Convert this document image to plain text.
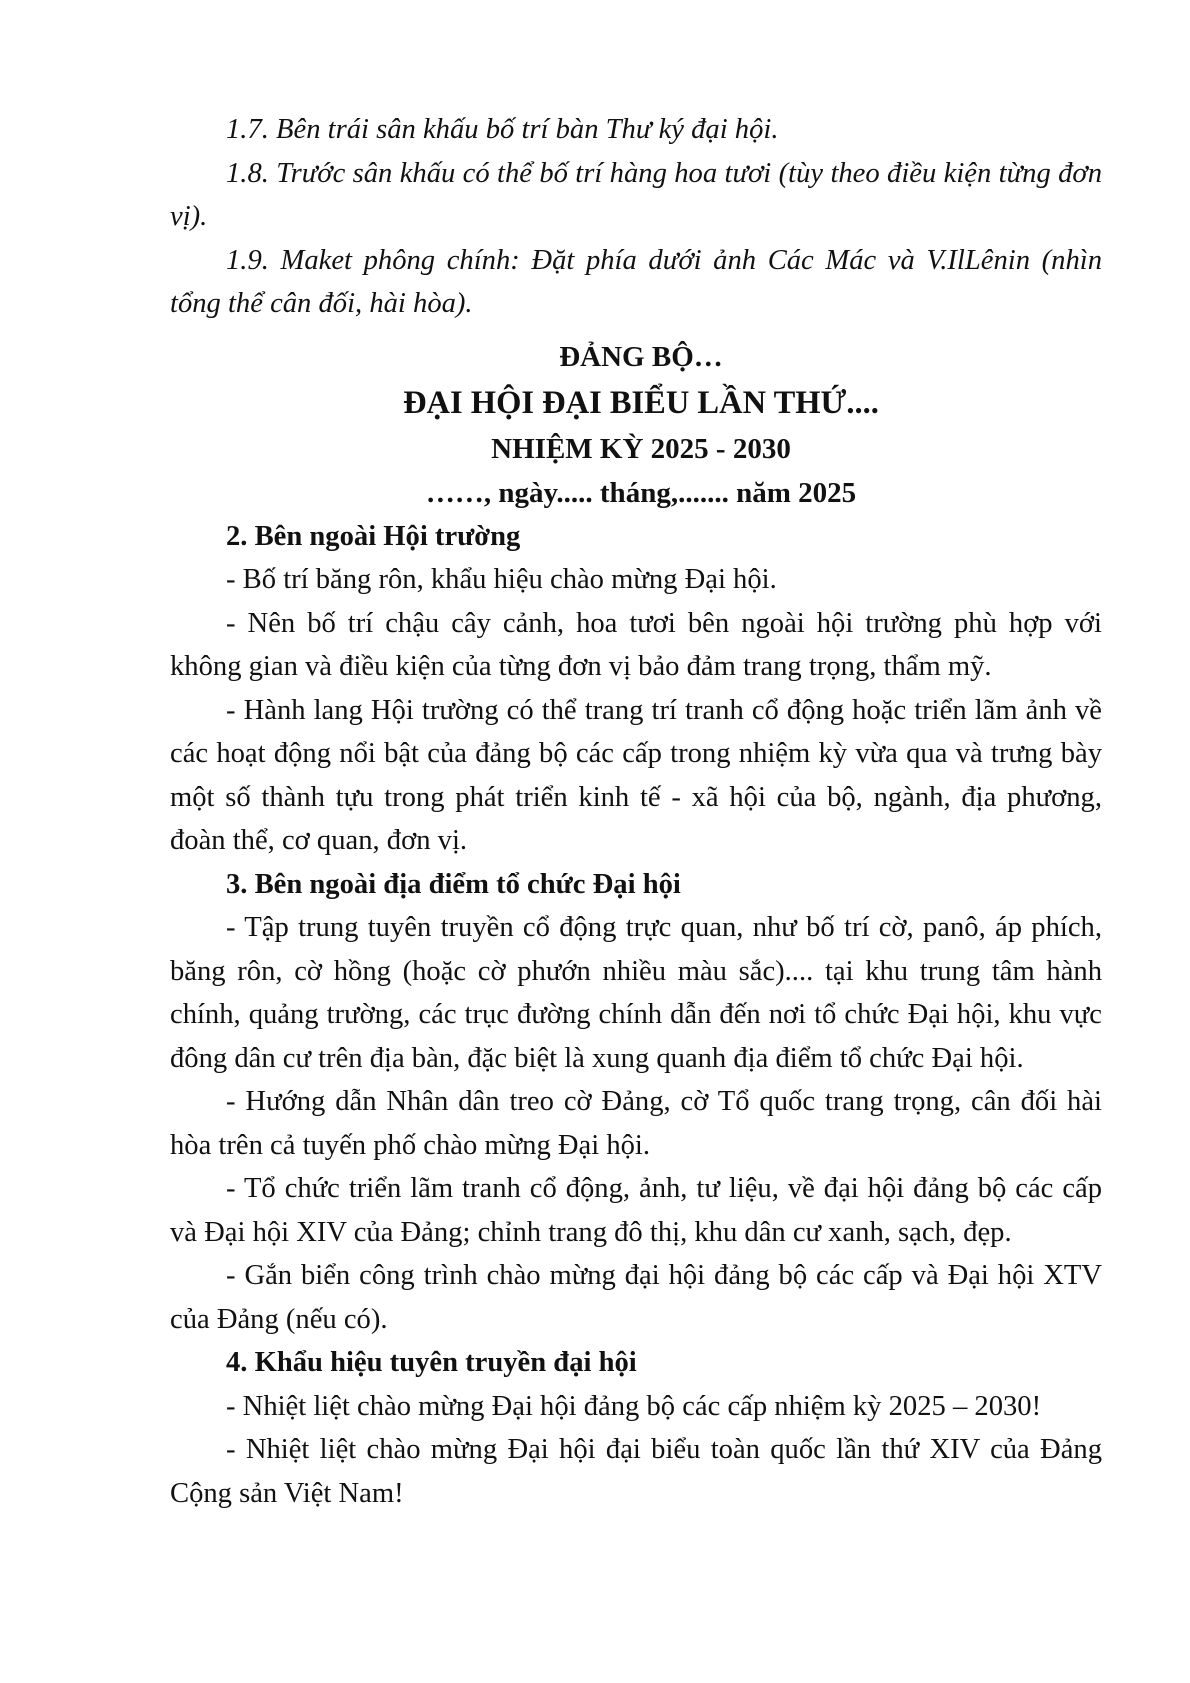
1.7. Bên trái sân khấu bố trí bàn Thư ký đại hội.

1.8. Trước sân khấu có thể bố trí hàng hoa tươi (tùy theo điều kiện từng đơn vị).

1.9. Maket phông chính: Đặt phía dưới ảnh Các Mác và V.IlLênin (nhìn tổng thể cân đối, hài hòa).

ĐẢNG BỘ…
ĐẠI HỘI ĐẠI BIỂU LẦN THỨ....
NHIỆM KỲ 2025 - 2030
……, ngày..... tháng,....... năm 2025

2. Bên ngoài Hội trường

- Bố trí băng rôn, khẩu hiệu chào mừng Đại hội.

- Nên bố trí chậu cây cảnh, hoa tươi bên ngoài hội trường phù hợp với không gian và điều kiện của từng đơn vị bảo đảm trang trọng, thẩm mỹ.

- Hành lang Hội trường có thể trang trí tranh cổ động hoặc triển lãm ảnh về các hoạt động nổi bật của đảng bộ các cấp trong nhiệm kỳ vừa qua và trưng bày một số thành tựu trong phát triển kinh tế - xã hội của bộ, ngành, địa phương, đoàn thể, cơ quan, đơn vị.

3. Bên ngoài địa điểm tổ chức Đại hội

- Tập trung tuyên truyền cổ động trực quan, như bố trí cờ, panô, áp phích, băng rôn, cờ hồng (hoặc cờ phướn nhiều màu sắc).... tại khu trung tâm hành chính, quảng trường, các trục đường chính dẫn đến nơi tổ chức Đại hội, khu vực đông dân cư trên địa bàn, đặc biệt là xung quanh địa điểm tổ chức Đại hội.

- Hướng dẫn Nhân dân treo cờ Đảng, cờ Tổ quốc trang trọng, cân đối hài hòa trên cả tuyến phố chào mừng Đại hội.

- Tổ chức triển lãm tranh cổ động, ảnh, tư liệu, về đại hội đảng bộ các cấp và Đại hội XIV của Đảng; chỉnh trang đô thị, khu dân cư xanh, sạch, đẹp.

- Gắn biển công trình chào mừng đại hội đảng bộ các cấp và Đại hội XTV của Đảng (nếu có).

4. Khẩu hiệu tuyên truyền đại hội

- Nhiệt liệt chào mừng Đại hội đảng bộ các cấp nhiệm kỳ 2025 – 2030!

- Nhiệt liệt chào mừng Đại hội đại biểu toàn quốc lần thứ XIV của Đảng Cộng sản Việt Nam!
